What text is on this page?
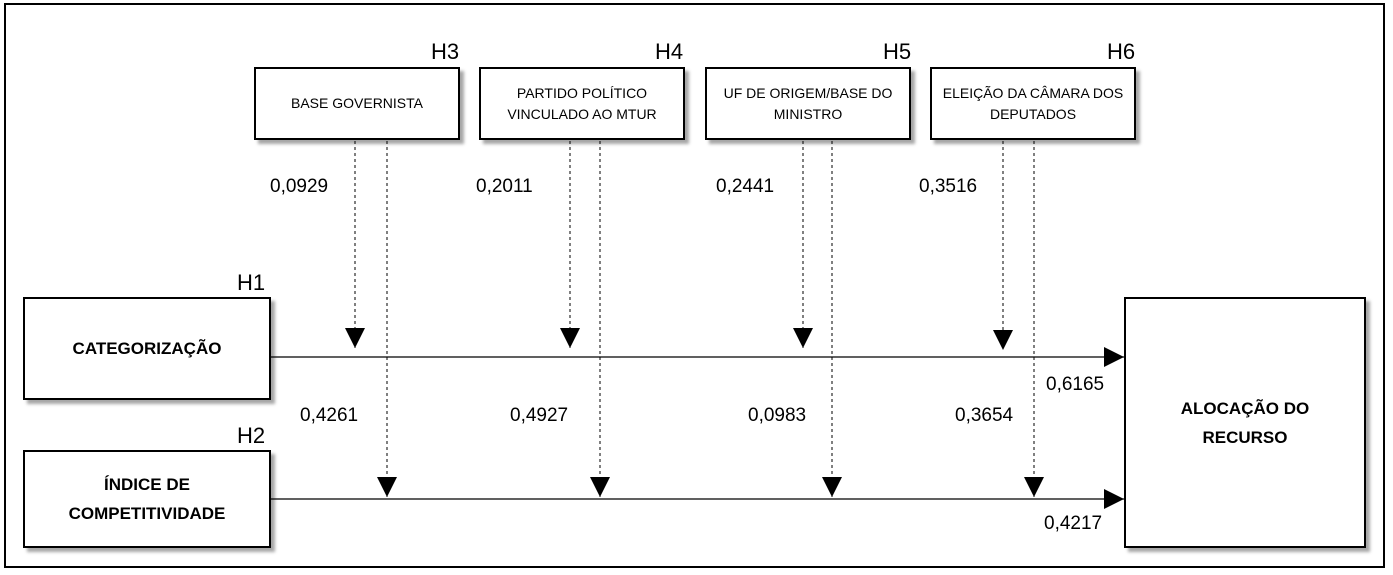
H3	H4	H5	H6
H1
H2
BASE GOVERNISTA
PARTIDO POLÍTICO VINCULADO AO MTUR
UF DE ORIGEM/BASE DO MINISTRO
ELEIÇÃO DA CÂMARA DOS DEPUTADOS
CATEGORIZAÇÃO
ÍNDICE DE COMPETITIVIDADE
ALOCAÇÃO DO RECURSO
0,0929	0,2011	0,2441	0,3516
0,4261	0,4927	0,0983	0,3654
0,6165
0,4217
